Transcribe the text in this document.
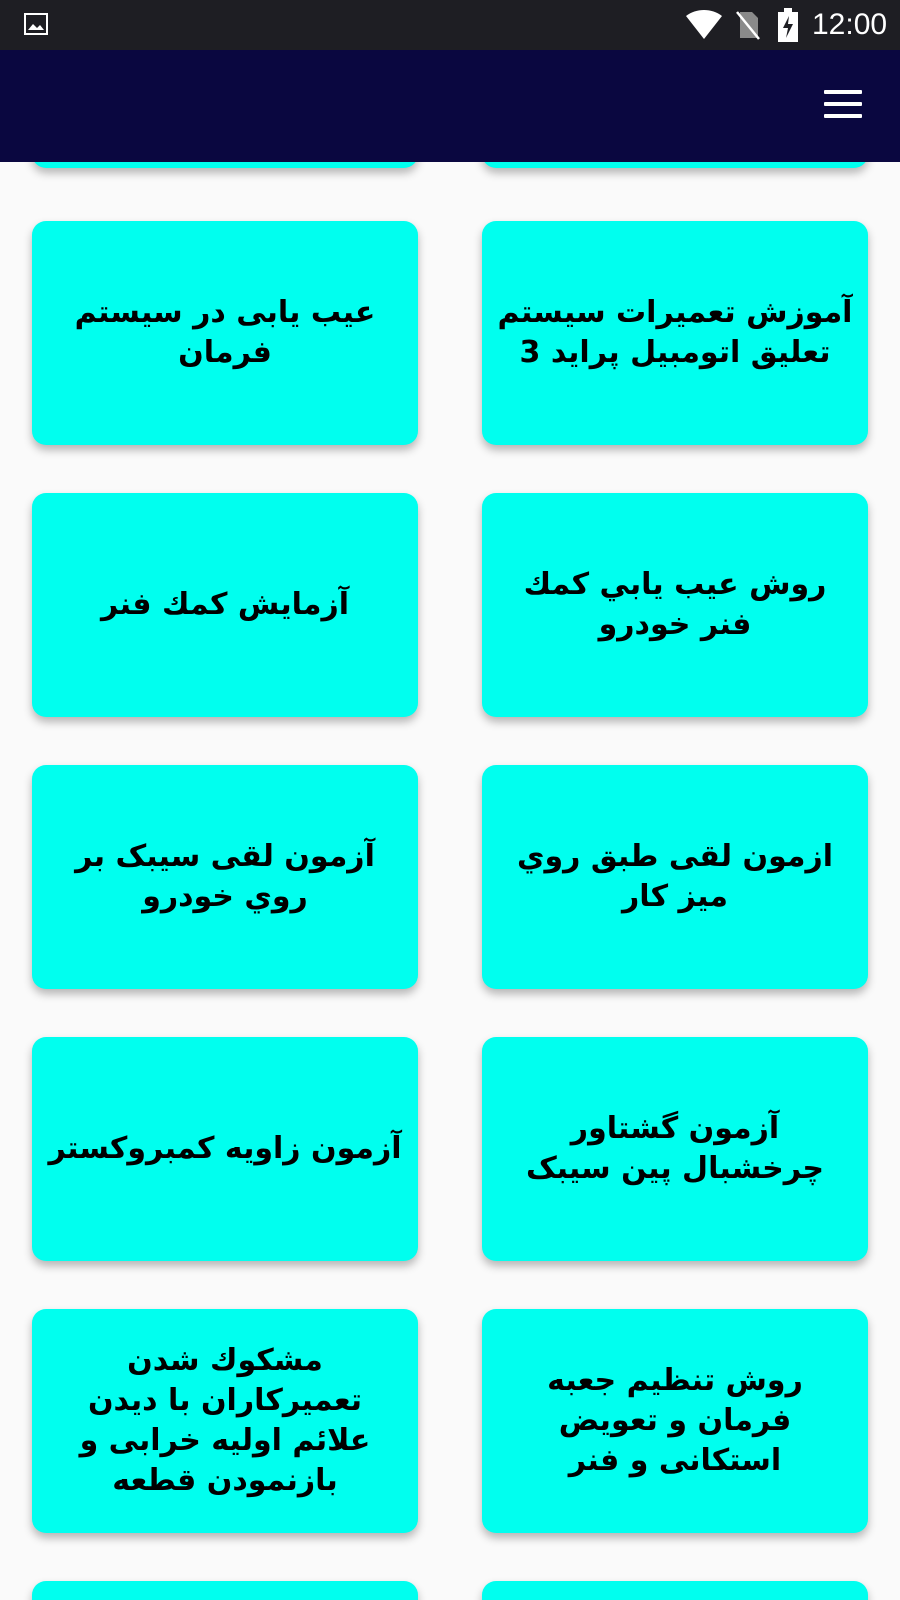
12:00
آموزش تعمیرات سیستم تعلیق اتومبیل پراید 3
عیب یابی در سیستم فرمان
روش عیب یابي کمك فنر خودرو
آزمایش کمك فنر
ازمون لقی طبق روي میز کار
آزمون لقی سیبک بر روي خودرو
آزمون گشتاور چرخشبال پین سیبک
آزمون زاویه کمبروکستر
روش تنظیم جعبه فرمان و تعویض استکانی و فنر
مشکوك شدن تعمیرکاران با دیدن علائم اولیه خرابی و بازنمودن قطعه
